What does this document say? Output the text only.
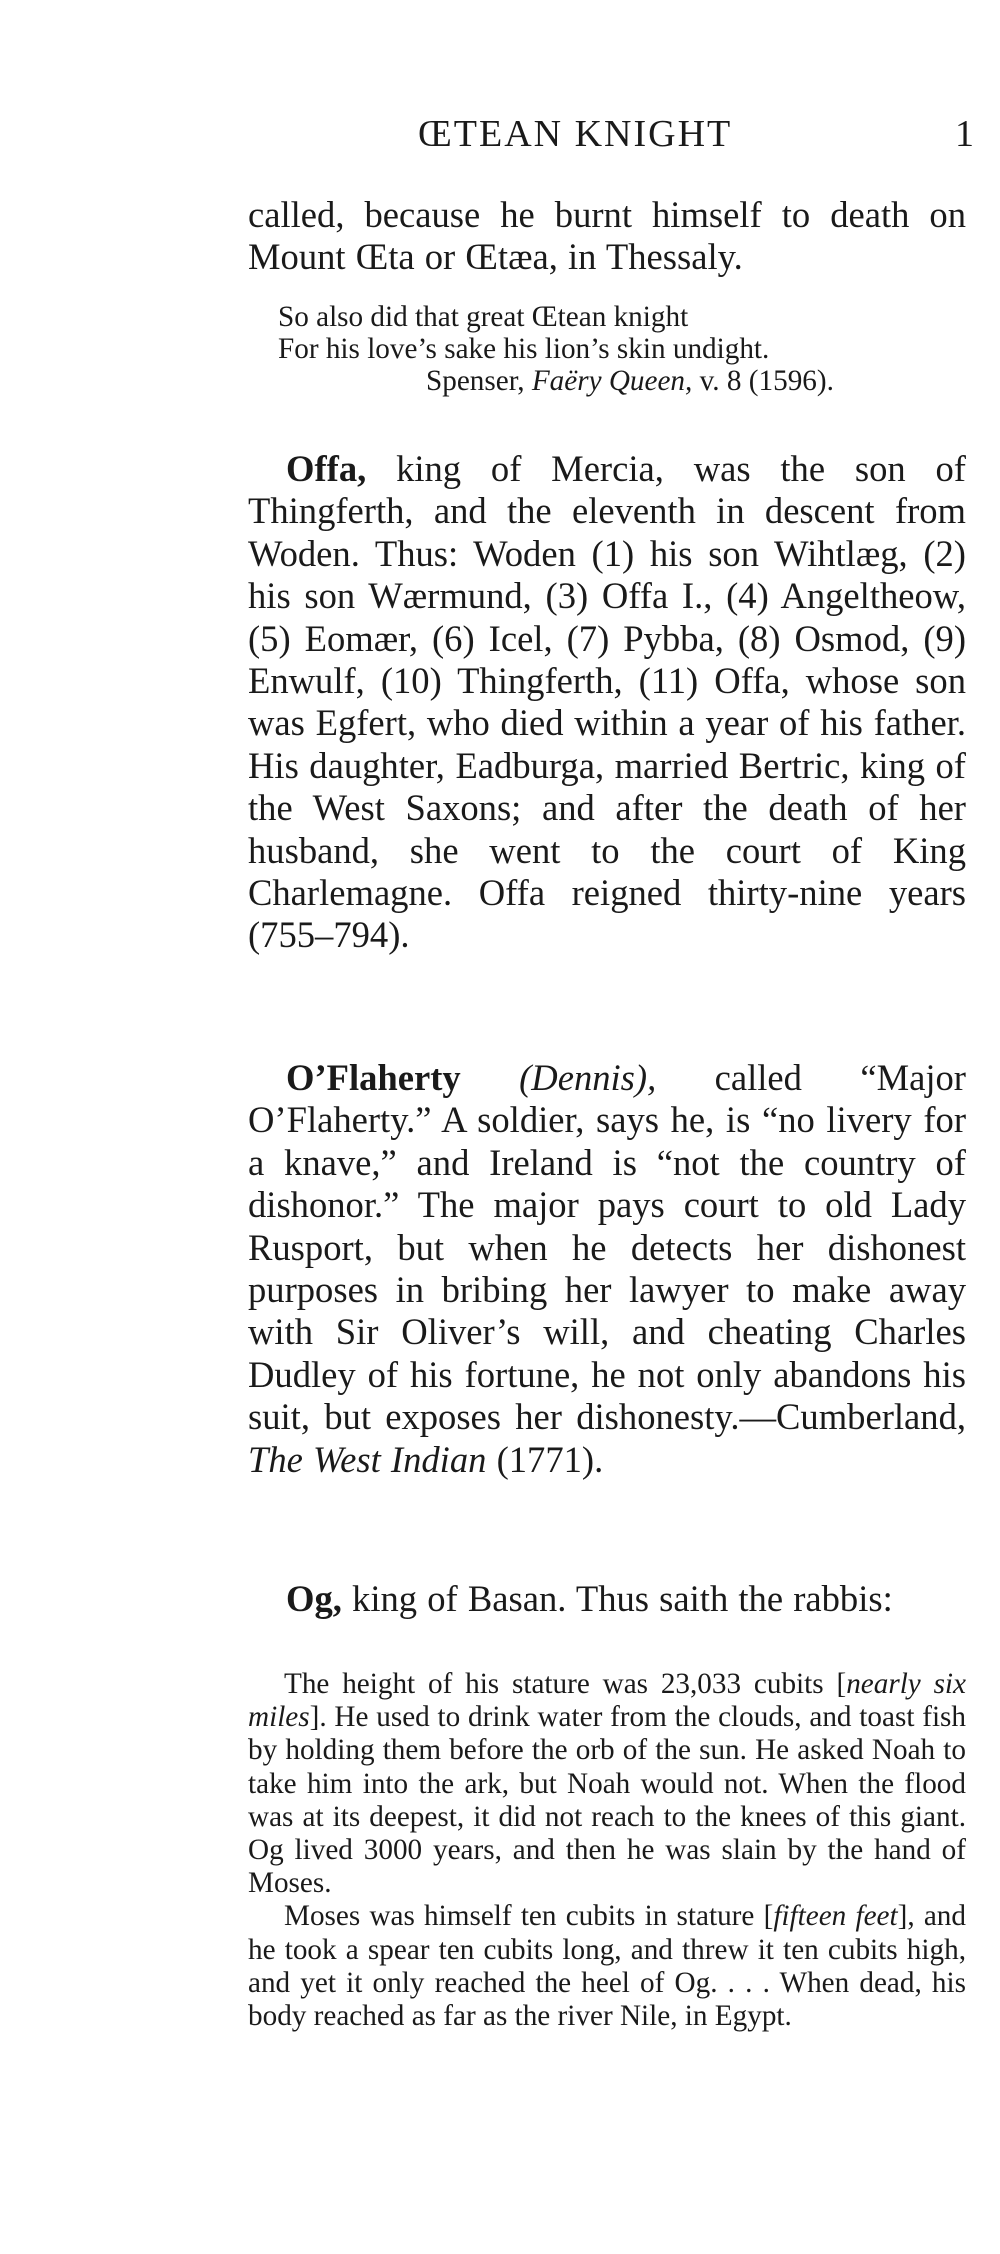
ŒTEAN KNIGHT	1

called, because he burnt himself to death on Mount Œta or Œtæa, in Thessaly.

So also did that great Œtean knight
For his love’s sake his lion’s skin undight.
Spenser, Faëry Queen, v. 8 (1596).

Offa, king of Mercia, was the son of Thingferth, and the eleventh in descent from Woden. Thus: Woden (1) his son Wihtlæg, (2) his son Wærmund, (3) Offa I., (4) Angeltheow, (5) Eomær, (6) Icel, (7) Pybba, (8) Osmod, (9) Enwulf, (10) Thingferth, (11) Offa, whose son was Egfert, who died within a year of his father. His daughter, Eadburga, married Bertric, king of the West Saxons; and after the death of her husband, she went to the court of King Charlemagne. Offa reigned thirty-nine years (755–794).

O’Flaherty (Dennis), called “Major O’Flaherty.” A soldier, says he, is “no livery for a knave,” and Ireland is “not the country of dishonor.” The major pays court to old Lady Rusport, but when he detects her dishonest purposes in bribing her lawyer to make away with Sir Oliver’s will, and cheating Charles Dudley of his fortune, he not only abandons his suit, but exposes her dishonesty.—Cumberland, The West Indian (1771).

Og, king of Basan. Thus saith the rabbis:

The height of his stature was 23,033 cubits [nearly six miles]. He used to drink water from the clouds, and toast fish by holding them before the orb of the sun. He asked Noah to take him into the ark, but Noah would not. When the flood was at its deepest, it did not reach to the knees of this giant. Og lived 3000 years, and then he was slain by the hand of Moses.

Moses was himself ten cubits in stature [fifteen feet], and he took a spear ten cubits long, and threw it ten cubits high, and yet it only reached the heel of Og. . . . When dead, his body reached as far as the river Nile, in Egypt.
